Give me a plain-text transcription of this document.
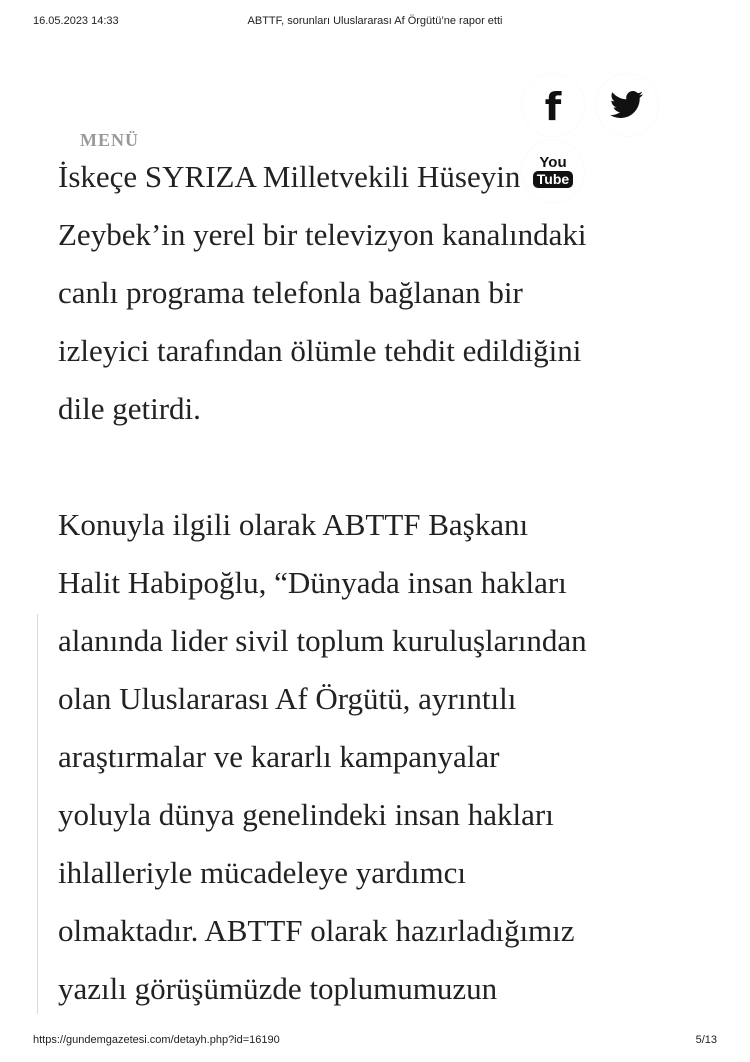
16.05.2023 14:33	ABTTF, sorunları Uluslararası Af Örgütü’ne rapor etti
MENÜ
f
You
Tube

İskeçe SYRIZA Milletvekili Hüseyin
Zeybek’in yerel bir televizyon kanalındaki
canlı programa telefonla bağlanan bir
izleyici tarafından ölümle tehdit edildiğini
dile getirdi.

Konuyla ilgili olarak ABTTF Başkanı
Halit Habipoğlu, “Dünyada insan hakları
alanında lider sivil toplum kuruluşlarından
olan Uluslararası Af Örgütü, ayrıntılı
araştırmalar ve kararlı kampanyalar
yoluyla dünya genelindeki insan hakları
ihlalleriyle mücadeleye yardımcı
olmaktadır. ABTTF olarak hazırladığımız
yazılı görüşümüzde toplumumuzun

https://gundemgazetesi.com/detayh.php?id=16190	5/13
